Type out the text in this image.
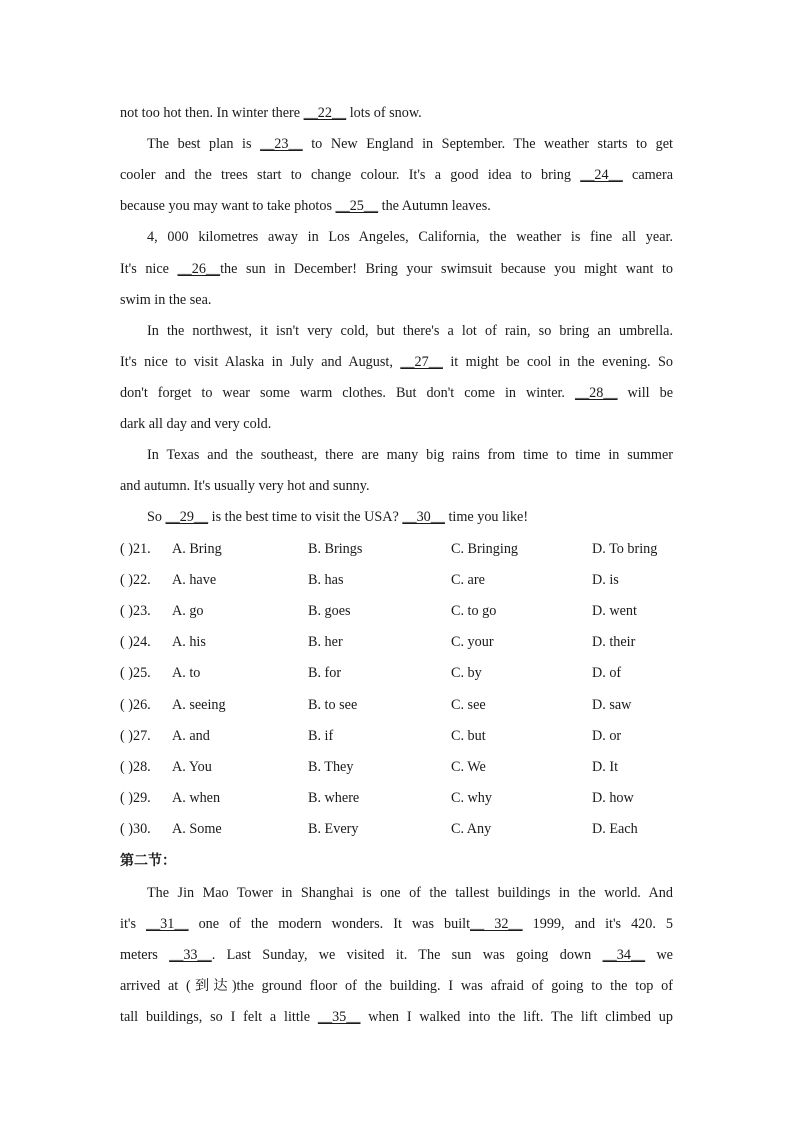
not too hot then. In winter there __22__ lots of snow.
The best plan is __23__ to New England in September. The weather starts to get
cooler and the trees start to change colour. It's a good idea to bring __24__ camera
because you may want to take photos __25__ the Autumn leaves.
4, 000 kilometres away in Los Angeles, California, the weather is fine all year.
It's nice __26__the sun in December! Bring your swimsuit because you might want to
swim in the sea.
In the northwest, it isn't very cold, but there's a lot of rain, so bring an umbrella.
It's nice to visit Alaska in July and August, __27__ it might be cool in the evening. So
don't forget to wear some warm clothes. But don't come in winter. __28__ will be
dark all day and very cold.
In Texas and the southeast, there are many big rains from time to time in summer
and autumn. It's usually very hot and sunny.
So __29__ is the best time to visit the USA? __30__ time you like!
( )21. A. Bring	B. Brings	C. Bringing	D. To bring
( )22. A. have	B. has	C. are	D. is
( )23. A. go	B. goes	C. to go	D. went
( )24. A. his	B. her	C. your	D. their
( )25. A. to	B. for	C. by	D. of
( )26. A. seeing	B. to see	C. see	D. saw
( )27. A. and	B. if	C. but	D. or
( )28. A. You	B. They	C. We	D. It
( )29. A. when	B. where	C. why	D. how
( )30. A. Some	B. Every	C. Any	D. Each
第二节：
The Jin Mao Tower in Shanghai is one of the tallest buildings in the world. And
it's __31__ one of the modern wonders. It was built__ 32__ 1999, and it's 420. 5
meters __33__. Last Sunday, we visited it. The sun was going down __34__ we
arrived at (到达)the ground floor of the building. I was afraid of going to the top of
tall buildings, so I felt a little __35__ when I walked into the lift. The lift climbed up
